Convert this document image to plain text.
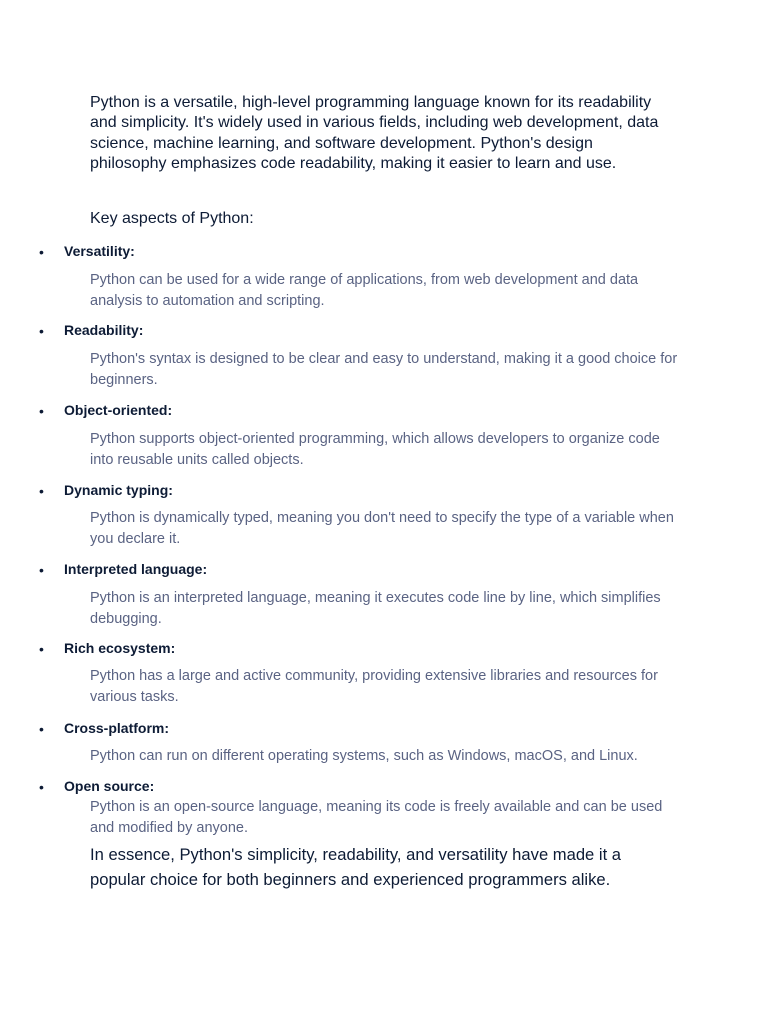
Python is a versatile, high-level programming language known for its readability and simplicity. It's widely used in various fields, including web development, data science, machine learning, and software development. Python's design philosophy emphasizes code readability, making it easier to learn and use.

Key aspects of Python:

• Versatility:

Python can be used for a wide range of applications, from web development and data analysis to automation and scripting.

• Readability:

Python's syntax is designed to be clear and easy to understand, making it a good choice for beginners.

• Object-oriented:

Python supports object-oriented programming, which allows developers to organize code into reusable units called objects.

• Dynamic typing:

Python is dynamically typed, meaning you don't need to specify the type of a variable when you declare it.

• Interpreted language:

Python is an interpreted language, meaning it executes code line by line, which simplifies debugging.

• Rich ecosystem:

Python has a large and active community, providing extensive libraries and resources for various tasks.

• Cross-platform:

Python can run on different operating systems, such as Windows, macOS, and Linux.

• Open source:

Python is an open-source language, meaning its code is freely available and can be used and modified by anyone.

In essence, Python's simplicity, readability, and versatility have made it a popular choice for both beginners and experienced programmers alike.
